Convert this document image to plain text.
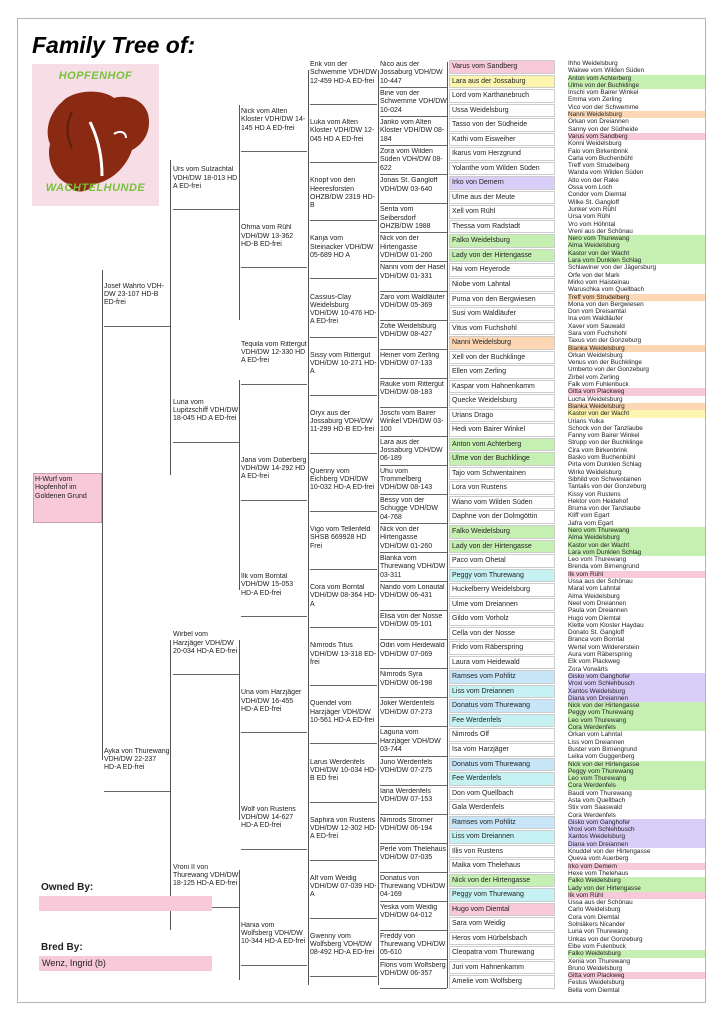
Family Tree of:
HOPFENHOF
WACHTELHUNDE
H-Wurf vom Hopfenhof im Goldenen Grund
Josef Wahrto VDH-DW 23-107 HD-B ED-frei
Ayka von Thurewang VDH/DW 22-237 HD-A ED-frei
Urs vom Sulzachtal VDH/DW 18-013 HD A ED-frei
Luna vom Lupitzschiff VDH/DW 18-045 HD A ED-frei
Wirbel vom Harzjäger VDH/DW 20-034 HD-A ED-frei
Vroni II von Thurewang VDH/DW 18-125 HD-A ED-frei
Nick vom Alten Kloster VDH/DW 14-145 HD A ED-frei
Ohma vom Rühl VDH/DW 13-362 HD-B ED-frei
Tequila vom Rittergut VDH/DW 12-330 HD A ED-frei
Jana vom Doberberg VDH/DW 14-292 HD A ED-frei
Ilk vom Borntal VDH/DW 15-053 HD-A ED-frei
Una vom Harzjäger VDH/DW 16-455 HD-A ED-frei
Wolf von Rustens VDH/DW 14-627 HD-A ED-frei
Hania vom Wolfsberg VDH/DW 10-344 HD-A ED-frei
Erik von der Schwemme VDH/DW 12-459 HD-A ED-frei
Luka vom Alten Kloster VDH/DW 12-045 HD A ED-frei
Knopf von den Heeresforsten OHZB/DW 2319 HD-B
Kanja vom Steinacker VDH/DW 05-689 HD A
Cassius-Clay Weidelsburg VDH/DW 10-476 HD-A ED-frei
Sissy vom Rittergut VDH/DW 10-271 HD-A
Oryx aus der Jossaburg VDH/DW 11-299 HD-B ED-frei
Quenny vom Eichberg VDH/DW 10-032 HD-A ED-frei
Vigo vom Tellenfeld SHSB 669928 HD Frei
Cora vom Borntal VDH/DW 08-364 HD-A
Nimrods Titus VDH/DW 13-318 ED-frei
Quendel vom Harzjäger VDH/DW 10-561 HD-A ED-frei
Larus Werdenfels VDH/DW 10-034 HD-B ED frei
Saphira von Rustens VDH/DW 12-302 HD-A ED-frei
Alf vom Weidig VDH/DW 07-039 HD-A
Gwenny vom Wolfsberg VDH/DW 08-492 HD-A ED-frei
Nico aus der Jossaburg VDH/DW 10-447
Bine von der Schwemme VDH/DW 10-024
Janko vom Alten Kloster VDH/DW 08-184
Zora vom Wilden Süden VDH/DW 08-622
Jonas St. Gangloff VDH/DW 03-640
Senta vom Seibersdorf OHZB/DW 1988
Nick von der Hirtengasse VDH/DW 01-260
Nanni vom der Hasel VDH/DW 01-331
Zaro vom Waldläufer VDH/DW 05-369
Zofie Weidelsburg VDH/DW 08-427
Heiner vom Zerling VDH/DW 07-133
Rauke vom Rittergut VDH/DW 08-183
Joschi vom Bairer Winkel VDH/DW 03-100
Lara aus der Jossaburg VDH/DW 06-189
Uhu vom Trommelberg VDH/DW 08-143
Bessy von der Schugge VDH/DW 04-768
Nick von der Hirtengasse VDH/DW 01-260
Blanka vom Thurewang VDH/DW 03-311
Nando vom Lonautal VDH/DW 06-431
Elisa von der Nosse VDH/DW 05-101
Odin vom Heidewald VDH/DW 07-069
Nimrods Syra VDH/DW 06-198
Joker Werdenfels VDH/DW 07-273
Laguna vom Harzjäger VDH/DW 03-744
Juno Werdenfels VDH/DW 07-275
Iana Werdenfels VDH/DW 07-153
Nimrods Stromer VDH/DW 06-194
Perle vom Thelehaus VDH/DW 07-035
Donatus von Thurewang VDH/DW 04-169
Yeska vom Weidig VDH/DW 04-012
Freddy von Thurewang VDH/DW 05-610
Floris vom Wolfsberg VDH/DW 06-357
Varus vom Sandberg
Lara aus der Jossaburg
Lord vom Karthanebruch
Ussa Weidelsburg
Tasso von der Südheide
Kathi vom Eisweiher
Ikarus vom Herzgrund
Yolanthe vom Wilden Süden
Irko von Demern
Ulme aus der Meute
Xell vom Rühl
Thessa vom Radstadt
Falko Weidelsburg
Lady von der Hirtengasse
Hai vom Heyerode
Niobe vom Lahntal
Puma von den Bergwiesen
Susi vom Waldläufer
Vitus vom Fuchshohl
Nanni Weidelsburg
Xell von der Buchklinge
Ellen vom Zerling
Kaspar vom Hahnenkamm
Quecke Weidelsburg
Urians Drago
Hedi vom Bairer Winkel
Anton vom Achterberg
Ulme von der Buchklinge
Tajo vom Schwentainen
Lora von Rustens
Wiano vom Wilden Süden
Daphne von der Dolmgöttin
Falko Weidelsburg
Lady von der Hirtengasse
Paco vom Ohetal
Peggy vom Thurewang
Huckelberry Weidelsburg
Ulme vom Dreiannen
Gildo vom Vorholz
Cella von der Nosse
Frido vom Räberspring
Laura vom Heidewald
Ramses vom Pohlitz
Liss vom Dreiannen
Donatus vom Thurewang
Fee Werdenfels
Nimrods Olf
Isa vom Harzjäger
Donatus vom Thurewang
Fee Werdenfels
Don vom Quellbach
Gala Werdenfels
Ramses vom Pohlitz
Liss vom Dreiannen
Illis von Rustens
Maika vom Thelehaus
Nick von der Hirtengasse
Peggy vom Thurewang
Hugo vom Diemtal
Sara vom Weidig
Heros vom Hürbelsbach
Cleopatra vom Thurewang
Juri vom Hahnenkamm
Amelie vom Wolfsberg
Ihho Weidelsburg
Wakwe vom Wilden Süden
Anton vom Achterberg
Ulme von der Buchklinge
Inschi vom Bairer Winkel
Emma vom Zerling
Vico von der Schwemme
Nanni Weidelsburg
Orkan von Dreiannen
Sanny von der Südheide
Varus vom Sandberg
Konni Weidelsburg
Falo vom Birkenbrink
Carla vom Buchenbühl
Treff vom Strudelberg
Wanda vom Wilden Süden
Alto von der Rake
Ossa vom Loch
Condor vom Diemtal
Wilke St. Gangloff
Junker vom Rühl
Ursa vom Rühl
Vro vom Höhntal
Vreni aus der Schönau
Nero vom Thurewang
Alma Weidelsburg
Kastor von der Wacht
Lara vom Dunklen Schlag
Schlawiner von der Jägersburg
Orfe von der Mark
Mirko vom Haisteinau
Waruschka vom Quellbach
Treff vom Strudelberg
Mona von den Bergwiesen
Don vom Dreisamtal
Ina vom Waldläufer
Xaver vom Sauwald
Sara vom Fuchshohl
Taxus von der Gonzeburg
Bianka Weidelsburg
Orkan Weidelsburg
Venus von der Buchklinge
Umberto von der Gonzeburg
Zirbel vom Zerling
Falk vom Fuhlenbuck
Gitta vom Plackweg
Lucha Weidelsburg
Bianka Weidelsburg
Kastor von der Wacht
Urians Yulka
Schock von der Tanzlaube
Fanny vom Bairer Winkel
Strupp von der Buchklinge
Cira vom Birkenbrink
Basko vom Buchenbühl
Pirta vom Dunklen Schlag
Wirko Weidelsburg
Sibhild von Schwentainen
Tantalis von der Gonzeburg
Kissy von Rustens
Hektor vom Heidehof
Bruma von der Tanzlaube
Kliff vom Egart
Jafra vom Egart
Nero vom Thurewang
Alma Weidelsburg
Kastor von der Wacht
Lara vom Dunklen Schlag
Leo vom Thurewang
Brenda vom Birnengrund
Ilk vom Rühl
Ussa aus der Schönau
Maral vom Lahntal
Alma Weidelsburg
Neel vom Dreiannen
Paula von Dreiannen
Hugo vom Diemtal
Klette vom Kloster Haydau
Donato St. Gangloff
Branca vom Borntal
Wertel vom Wildererstein
Aura vom Räberspring
Elk vom Plackweg
Zora Vorwärts
Gisko vom Ganghofer
Vroxi vom Schlehbusch
Xantos Weidelsburg
Diana von Dreiannen
Nick von der Hirtengasse
Peggy vom Thurewang
Leo vom Thurewang
Cora Werdenfels
Orkan vom Lahntal
Liss vom Dreiannen
Buster vom Birnengrund
Leika vom Guggenberg
Nick von der Hirtengasse
Peggy vom Thurewang
Leo vom Thurewang
Cora Werdenfels
Baudi vom Thurewang
Asta vom Quellbach
Stix vom Saaswald
Cora Werdenfels
Gisko vom Ganghofer
Vroxi vom Schlehbusch
Xantos Weidelsburg
Diana von Dreiannen
Knuddel von der Hirtengasse
Queva vom Auerberg
Irko vom Demern
Hexe vom Thelehaus
Falko Weidelsburg
Lady von der Hirtengasse
Ilk vom Rühl
Ussa aus der Schönau
Carlo Weidelsburg
Cora vom Diemtal
Solniäkers Nicander
Luna von Thurewang
Unkas von der Gonzeburg
Elbe vom Fulenbuck
Falko Weidelsburg
Xenia von Thurewang
Bruno Weidelsburg
Gitta vom Plackweg
Festus Weidelsburg
Bella vom Diemtal
Owned By:
Bred By:
Wenz, Ingrid (b)
